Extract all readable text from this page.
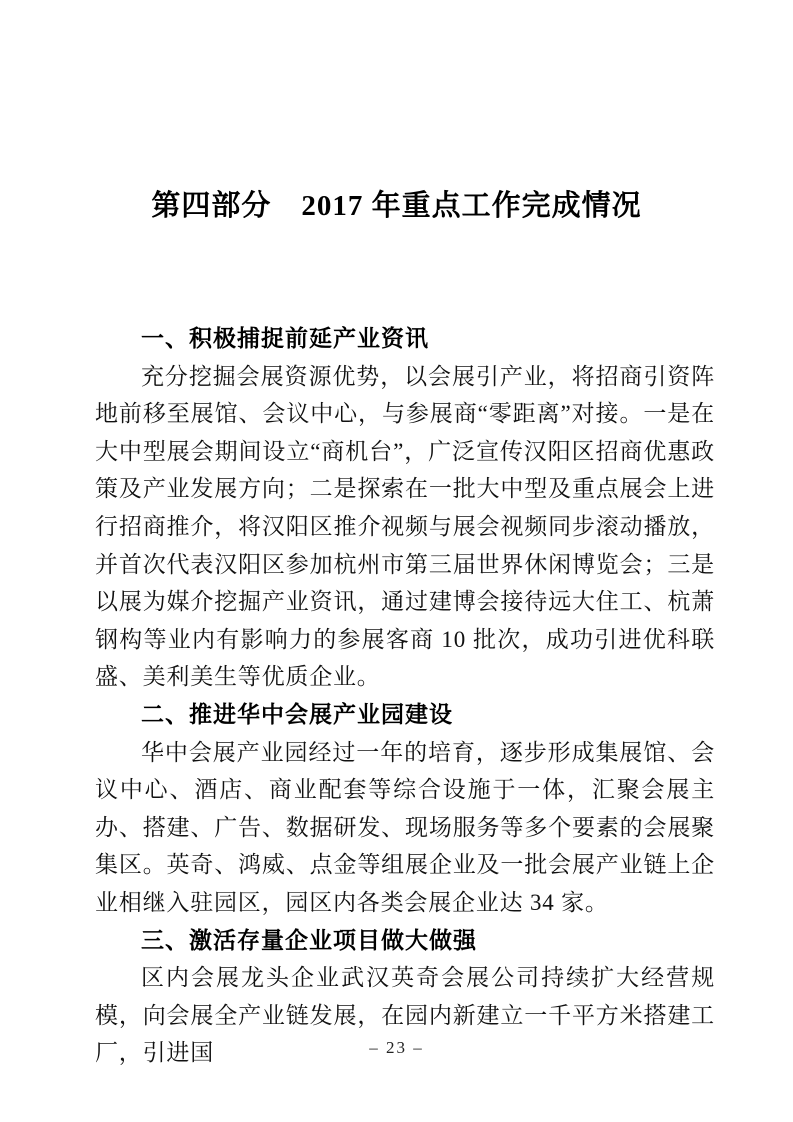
第四部分　2017 年重点工作完成情况
一、积极捕捉前延产业资讯

充分挖掘会展资源优势，以会展引产业，将招商引资阵地前移至展馆、会议中心，与参展商“零距离”对接。一是在大中型展会期间设立“商机台”，广泛宣传汉阳区招商优惠政策及产业发展方向；二是探索在一批大中型及重点展会上进行招商推介，将汉阳区推介视频与展会视频同步滚动播放，并首次代表汉阳区参加杭州市第三届世界休闲博览会；三是以展为媒介挖掘产业资讯，通过建博会接待远大住工、杭萧钢构等业内有影响力的参展客商 10 批次，成功引进优科联盛、美利美生等优质企业。

二、推进华中会展产业园建设

华中会展产业园经过一年的培育，逐步形成集展馆、会议中心、酒店、商业配套等综合设施于一体，汇聚会展主办、搭建、广告、数据研发、现场服务等多个要素的会展聚集区。英奇、鸿威、点金等组展企业及一批会展产业链上企业相继入驻园区，园区内各类会展企业达 34 家。

三、激活存量企业项目做大做强

区内会展龙头企业武汉英奇会展公司持续扩大经营规模，向会展全产业链发展，在园内新建立一千平方米搭建工厂，引进国	– 23 –
